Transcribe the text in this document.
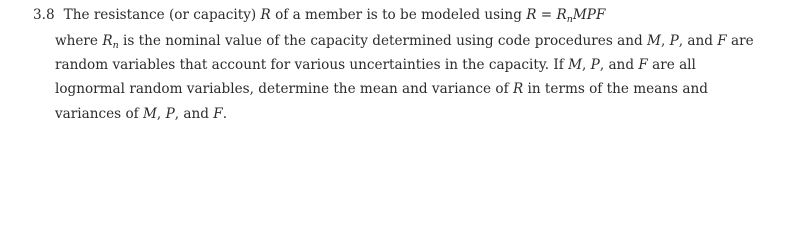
3.8 The resistance (or capacity) R of a member is to be modeled using $R = R_nMPF$
where $R_n$ is the nominal value of the capacity determined using code procedures and M, P, and F are
random variables that account for various uncertainties in the capacity. If M, P, and F are all
lognormal random variables, determine the mean and variance of R in terms of the means and
variances of M, P, and F.
